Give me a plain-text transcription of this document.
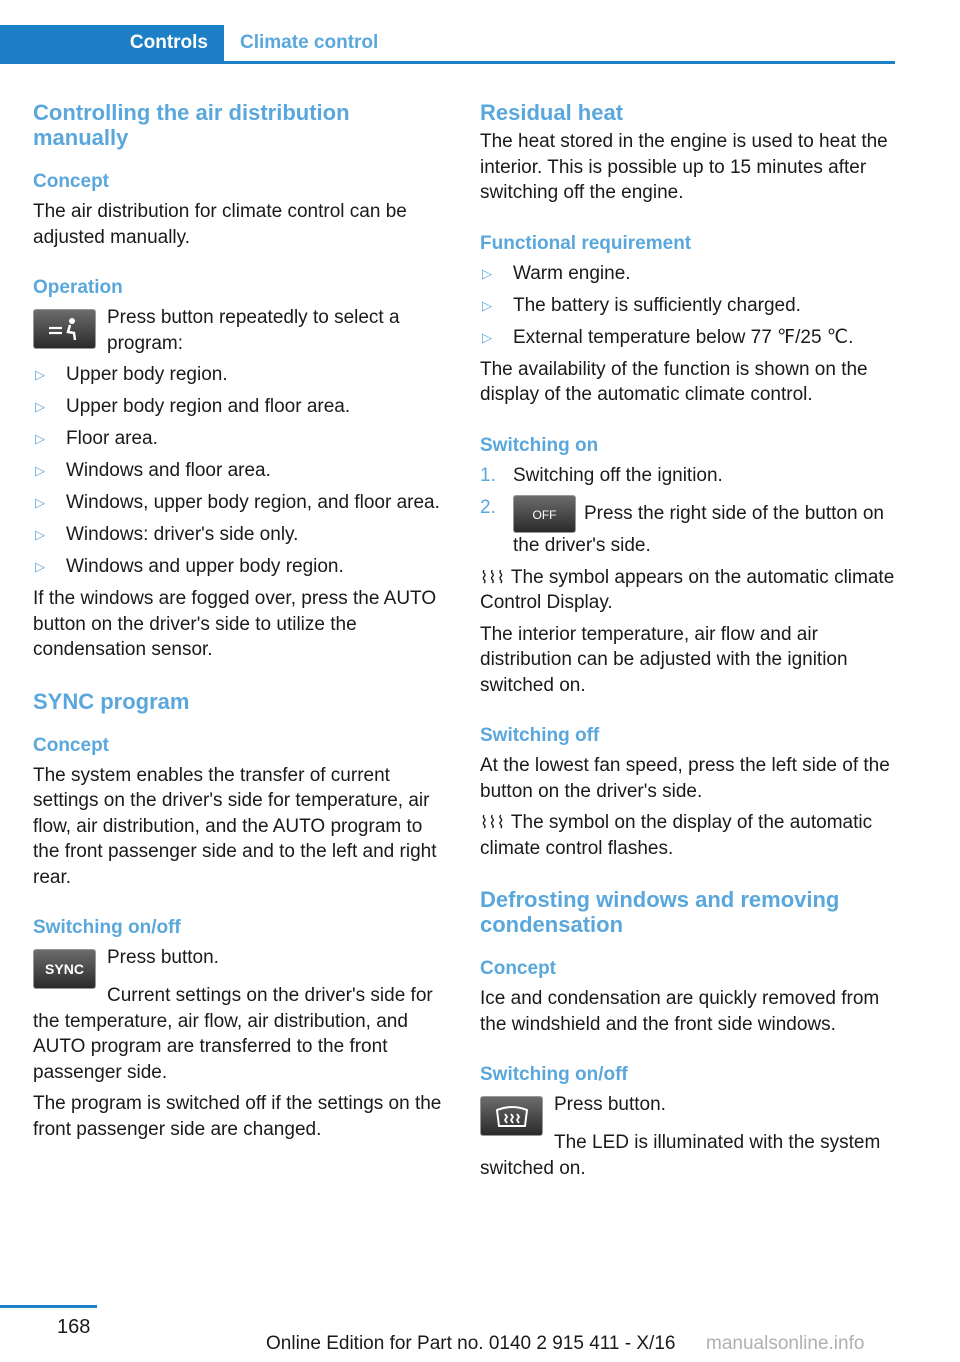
Controls	Climate control
Controlling the air distribution manually
Concept

The air distribution for climate control can be adjusted manually.

Operation

Press button repeatedly to select a program:

▷ Upper body region.
▷ Upper body region and floor area.
▷ Floor area.
▷ Windows and floor area.
▷ Windows, upper body region, and floor area.
▷ Windows: driver's side only.
▷ Windows and upper body region.

If the windows are fogged over, press the AUTO button on the driver's side to utilize the condensation sensor.

SYNC program
Concept

The system enables the transfer of current settings on the driver's side for temperature, air flow, air distribution, and the AUTO program to the front passenger side and to the left and right rear.

Switching on/off
SYNC

Press button.

Current settings on the driver's side for the temperature, air flow, air distribution, and AUTO program are transferred to the front passenger side.

The program is switched off if the settings on the front passenger side are changed.

Residual heat

The heat stored in the engine is used to heat the interior. This is possible up to 15 minutes after switching off the engine.

Functional requirement
▷ Warm engine.
▷ The battery is sufficiently charged.
▷ External temperature below 77 ℉/25 ℃.

The availability of the function is shown on the display of the automatic climate control.

Switching on
1. Switching off the ignition.
2.	OFF Press the right side of the button on the driver's side.

⌇⌇⌇ The symbol appears on the automatic climate Control Display.

The interior temperature, air flow and air distribution can be adjusted with the ignition switched on.

Switching off

At the lowest fan speed, press the left side of the button on the driver's side.

⌇⌇⌇ The symbol on the display of the automatic climate control flashes.

Defrosting windows and removing condensation
Concept

Ice and condensation are quickly removed from the windshield and the front side windows.

Switching on/off

Press button.

The LED is illuminated with the system switched on.

168
Online Edition for Part no. 0140 2 915 411 - X/16 manualsonline.info
